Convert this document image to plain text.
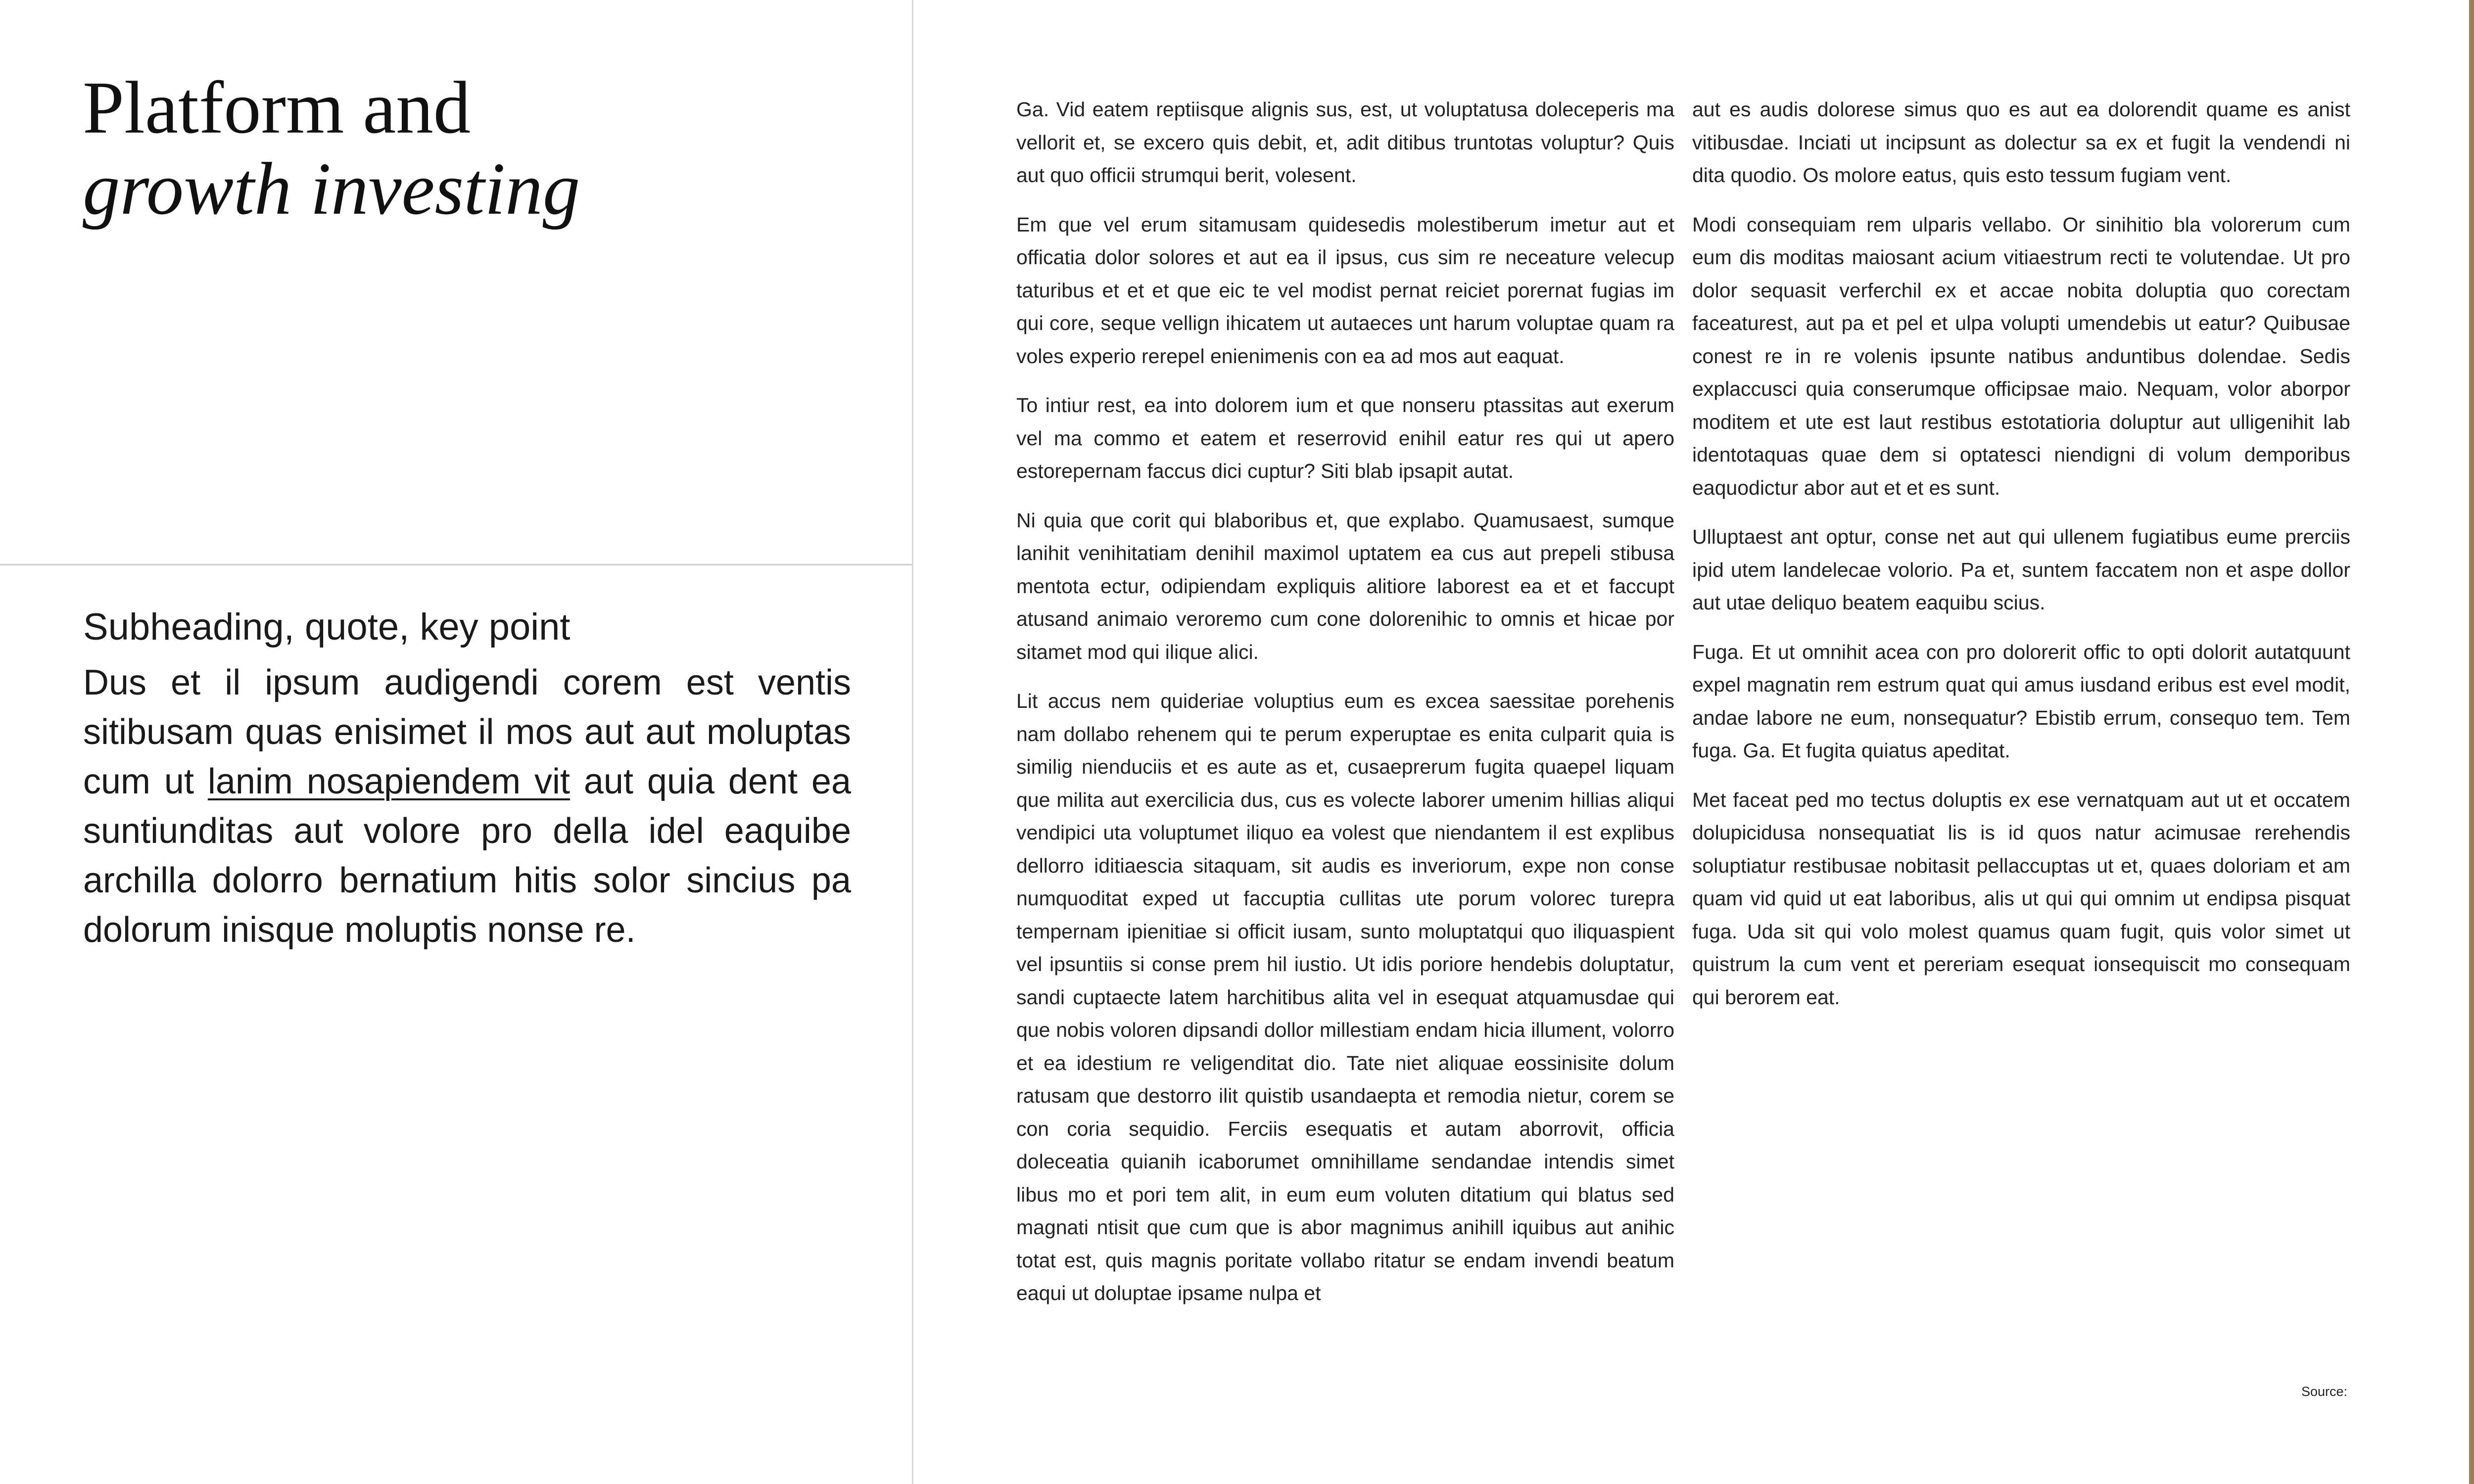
Platform and
growth investing
Subheading, quote, key point

Dus et il ipsum audigendi corem est ventis sitibusam quas enisimet il mos aut aut moluptas cum ut lanim nosapiendem vit aut quia dent ea suntiunditas aut volore pro della idel eaquibe archilla dolorro bernatium hitis solor sincius pa dolorum inisque moluptis nonse re.

Ga. Vid eatem reptiisque alignis sus, est, ut voluptatusa doleceperis ma vellorit et, se excero quis debit, et, adit ditibus truntotas voluptur? Quis aut quo officii strumqui berit, volesent.

Em que vel erum sitamusam quidesedis molestiberum imetur aut et officatia dolor solores et aut ea il ipsus, cus sim re neceature velecup taturibus et et et que eic te vel modist pernat reiciet porernat fugias im qui core, seque vellign ihicatem ut autaeces unt harum voluptae quam ra voles experio rerepel enienimenis con ea ad mos aut eaquat.

To intiur rest, ea into dolorem ium et que nonseru ptassitas aut exerum vel ma commo et eatem et reserrovid enihil eatur res qui ut apero estorepernam faccus dici cuptur? Siti blab ipsapit autat.

Ni quia que corit qui blaboribus et, que explabo. Quamusaest, sumque lanihit venihitatiam denihil maximol uptatem ea cus aut prepeli stibusa mentota ectur, odipiendam expliquis alitiore laborest ea et et faccupt atusand animaio veroremo cum cone dolorenihic to omnis et hicae por sitamet mod qui ilique alici.

Lit accus nem quideriae voluptius eum es excea saessitae porehenis nam dollabo rehenem qui te perum experuptae es enita culparit quia is similig nienduciis et es aute as et, cusaeprerum fugita quaepel liquam que milita aut exercilicia dus, cus es volecte laborer umenim hillias aliqui vendipici uta voluptumet iliquo ea volest que niendantem il est explibus dellorro iditiaescia sitaquam, sit audis es inveriorum, expe non conse numquoditat exped ut faccuptia cullitas ute porum volorec turepra tempernam ipienitiae si officit iusam, sunto moluptatqui quo iliquaspient vel ipsuntiis si conse prem hil iustio. Ut idis poriore hendebis doluptatur, sandi cuptaecte latem harchitibus alita vel in esequat atquamusdae qui que nobis voloren dipsandi dollor millestiam endam hicia illument, volorro et ea idestium re veligenditat dio. Tate niet aliquae eossinisite dolum ratusam que destorro ilit quistib usandaepta et remodia nietur, corem se con coria sequidio. Ferciis esequatis et autam aborrovit, officia doleceatia quianih icaborumet omnihillame sendandae intendis simet libus mo et pori tem alit, in eum eum voluten ditatium qui blatus sed magnati ntisit que cum que is abor magnimus anihill iquibus aut anihic totat est, quis magnis poritate vollabo ritatur se endam invendi beatum eaqui ut doluptae ipsame nulpa et

aut es audis dolorese simus quo es aut ea dolorendit quame es anist vitibusdae. Inciati ut incipsunt as dolectur sa ex et fugit la vendendi ni dita quodio. Os molore eatus, quis esto tessum fugiam vent.

Modi consequiam rem ulparis vellabo. Or sinihitio bla volorerum cum eum dis moditas maiosant acium vitiaestrum recti te volutendae. Ut pro dolor sequasit verferchil ex et accae nobita doluptia quo corectam faceaturest, aut pa et pel et ulpa volupti umendebis ut eatur? Quibusae conest re in re volenis ipsunte natibus anduntibus dolendae. Sedis explaccusci quia conserumque officipsae maio. Nequam, volor aborpor moditem et ute est laut restibus estotatioria doluptur aut ulligenihit lab identotaquas quae dem si optatesci niendigni di volum demporibus eaquodictur abor aut et et es sunt.

Ulluptaest ant optur, conse net aut qui ullenem fugiatibus eume prerciis ipid utem landelecae volorio. Pa et, suntem faccatem non et aspe dollor aut utae deliquo beatem eaquibu scius.

Fuga. Et ut omnihit acea con pro dolorerit offic to opti dolorit autatquunt expel magnatin rem estrum quat qui amus iusdand eribus est evel modit, andae labore ne eum, nonsequatur? Ebistib errum, consequo tem. Tem fuga. Ga. Et fugita quiatus apeditat.

Met faceat ped mo tectus doluptis ex ese vernatquam aut ut et occatem dolupicidusa nonsequatiat lis is id quos natur acimusae rerehendis soluptiatur restibusae nobitasit pellaccuptas ut et, quaes doloriam et am quam vid quid ut eat laboribus, alis ut qui qui omnim ut endipsa pisquat fuga. Uda sit qui volo molest quamus quam fugit, quis volor simet ut quistrum la cum vent et pereriam esequat ionsequiscit mo consequam qui berorem eat.

Source:
